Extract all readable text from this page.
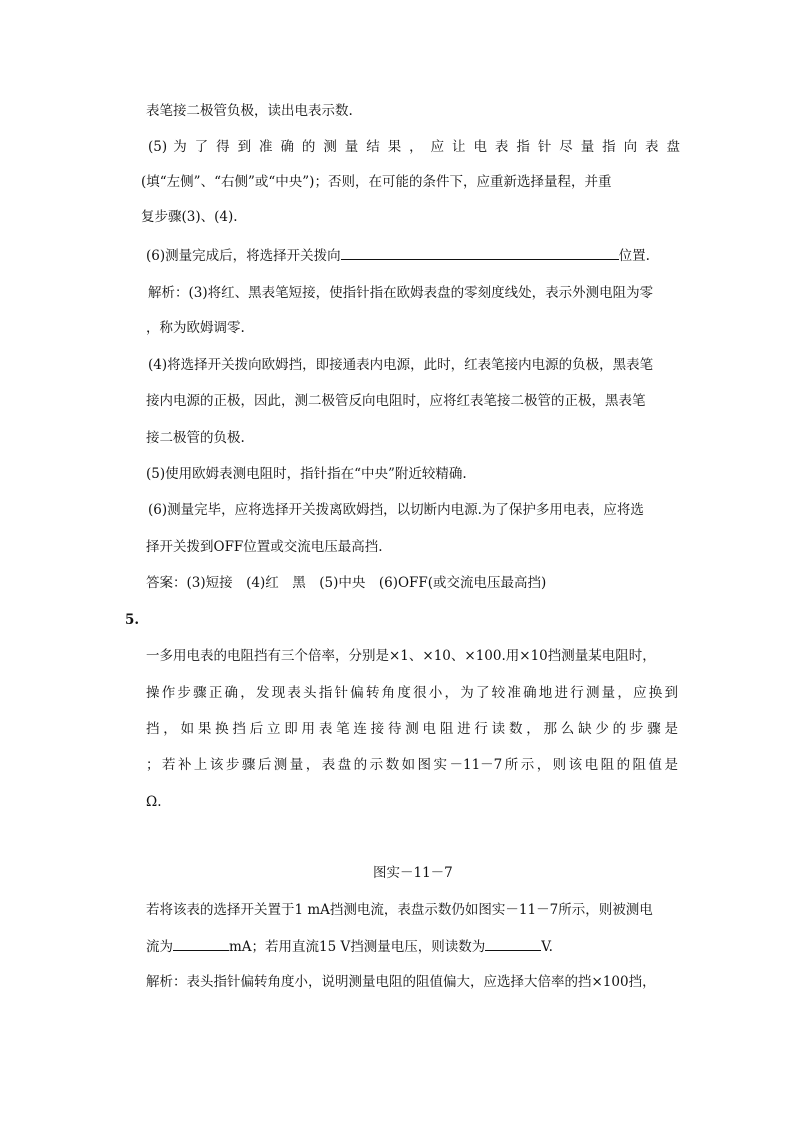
表笔接二极管负极，读出电表示数.
(5) 为 了 得 到 准 确 的 测 量 结 果 ， 应 让 电 表 指 针 尽 量 指 向 表 盘
(填“左侧”、“右侧”或“中央”)；否则，在可能的条件下，应重新选择量程，并重
复步骤(3)、(4).
(6)测量完成后，将选择开关拨向	位置.
解析：(3)将红、黑表笔短接，使指针指在欧姆表盘的零刻度线处，表示外测电阻为零
，称为欧姆调零.
(4)将选择开关拨向欧姆挡，即接通表内电源，此时，红表笔接内电源的负极，黑表笔
接内电源的正极，因此，测二极管反向电阻时，应将红表笔接二极管的正极，黑表笔
接二极管的负极.
(5)使用欧姆表测电阻时，指针指在“中央”附近较精确.
(6)测量完毕，应将选择开关拨离欧姆挡，以切断内电源.为了保护多用电表，应将选
择开关拨到OFF位置或交流电压最高挡.
答案：(3)短接　(4)红　黑　(5)中央　(6)OFF(或交流电压最高挡)
5.
一多用电表的电阻挡有三个倍率，分别是×1、×10、×100.用×10挡测量某电阻时，
操作步骤正确，发现表头指针偏转角度很小，为了较准确地进行测量，应换到
挡，如果换挡后立即用表笔连接待测电阻进行读数，那么缺少的步骤是
；若补上该步骤后测量，表盘的示数如图实－11－7所示，则该电阻的阻值是
Ω.
图实－11－7
若将该表的选择开关置于1 mA挡测电流，表盘示数仍如图实－11－7所示，则被测电
流为	mA；若用直流15 V挡测量电压，则读数为	V.
解析：表头指针偏转角度小，说明测量电阻的阻值偏大，应选择大倍率的挡×100挡，
